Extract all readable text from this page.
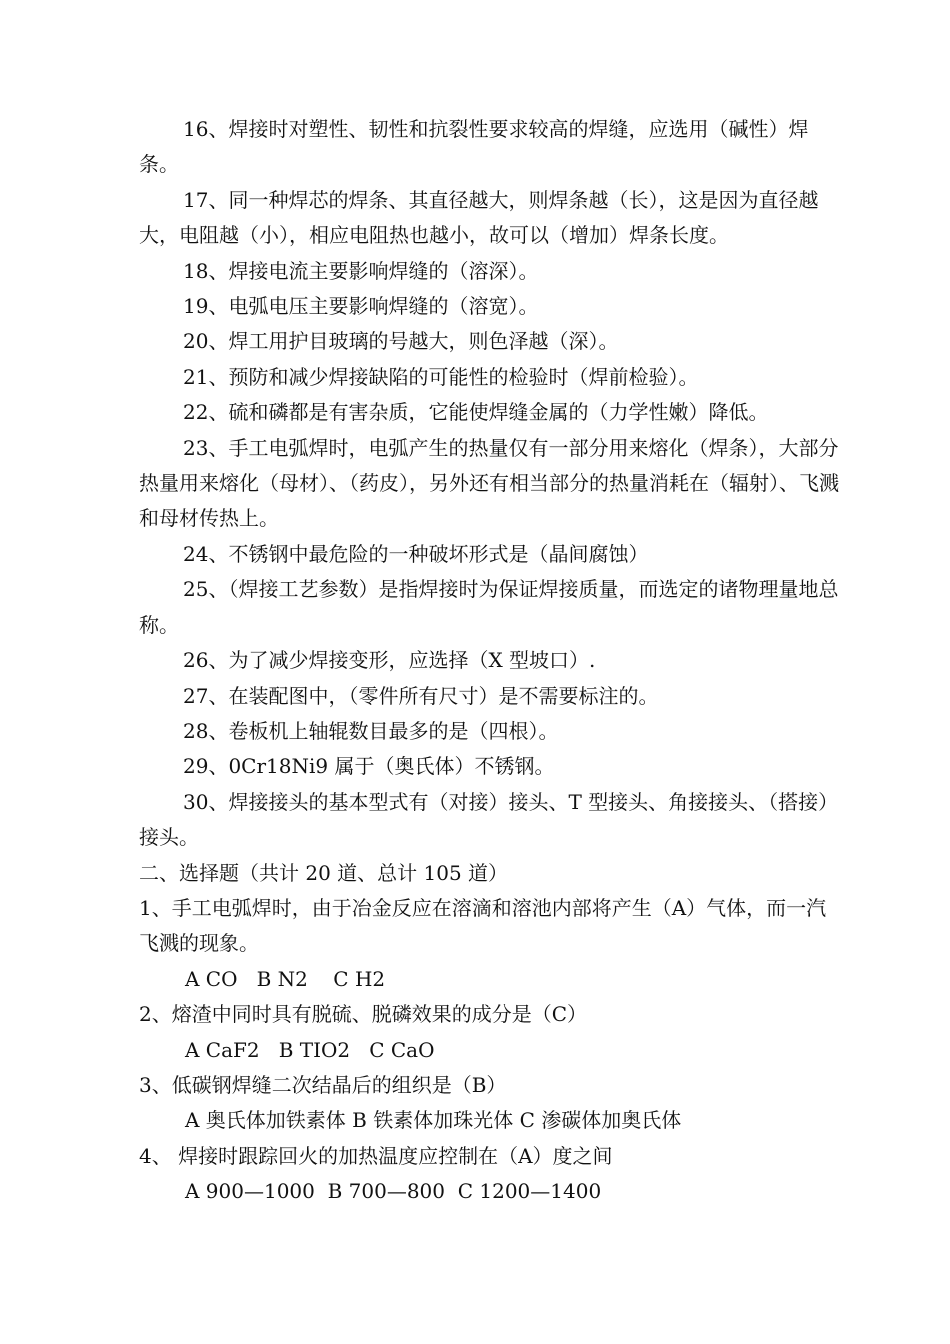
16、焊接时对塑性、韧性和抗裂性要求较高的焊缝，应选用（碱性）焊条。

17、同一种焊芯的焊条、其直径越大，则焊条越（长），这是因为直径越大，电阻越（小），相应电阻热也越小，故可以（增加）焊条长度。

18、焊接电流主要影响焊缝的（溶深）。

19、电弧电压主要影响焊缝的（溶宽）。

20、焊工用护目玻璃的号越大，则色泽越（深）。

21、预防和减少焊接缺陷的可能性的检验时（焊前检验）。

22、硫和磷都是有害杂质，它能使焊缝金属的（力学性嫩）降低。

23、手工电弧焊时，电弧产生的热量仅有一部分用来熔化（焊条），大部分热量用来熔化（母材）、（药皮），另外还有相当部分的热量消耗在（辐射）、飞溅和母材传热上。

24、不锈钢中最危险的一种破坏形式是（晶间腐蚀）

25、（焊接工艺参数）是指焊接时为保证焊接质量，而选定的诸物理量地总称。

26、为了减少焊接变形，应选择（X 型坡口）.

27、在装配图中，（零件所有尺寸）是不需要标注的。

28、卷板机上轴辊数目最多的是（四根）。

29、0Cr18Ni9 属于（奥氏体）不锈钢。

30、焊接接头的基本型式有（对接）接头、T 型接头、角接接头、（搭接）接头。

二、选择题（共计 20 道、总计 105 道）

1、手工电弧焊时，由于冶金反应在溶滴和溶池内部将产生（A）气体，而一汽飞溅的现象。

A CO   B N2    C H2

2、熔渣中同时具有脱硫、脱磷效果的成分是（C）

A CaF2   B TIO2   C CaO

3、低碳钢焊缝二次结晶后的组织是（B）

A 奥氏体加铁素体 B 铁素体加珠光体 C 渗碳体加奥氏体

4、 焊接时跟踪回火的加热温度应控制在（A）度之间

A 900—1000  B 700—800  C 1200—1400
